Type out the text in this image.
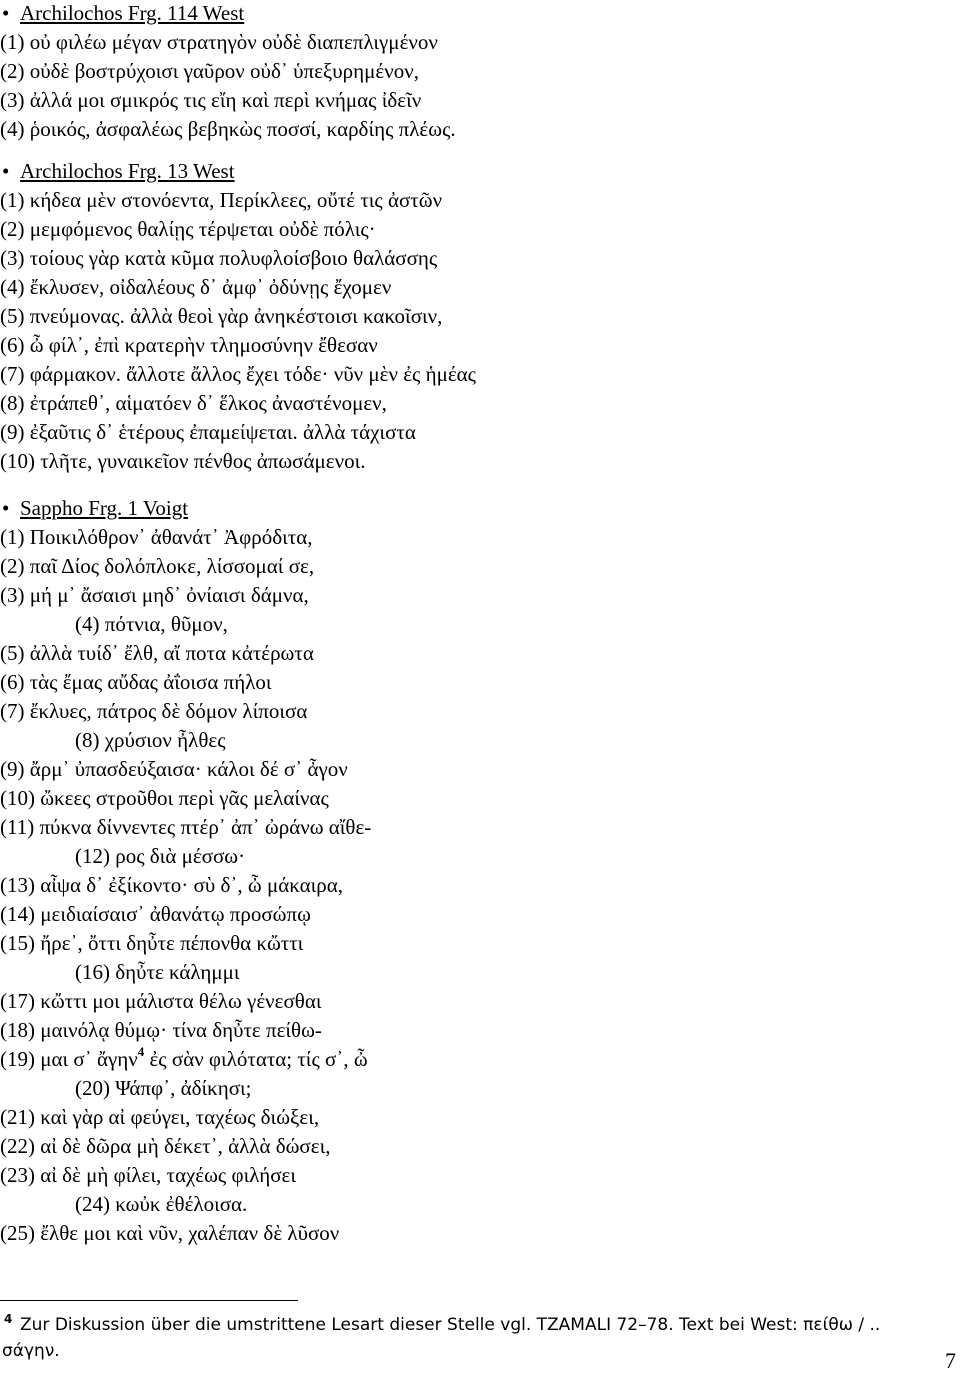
• Archilochos Frg. 114 West
(1) οὐ φιλέω μέγαν στρατηγὸν οὐδὲ διαπεπλιγμένον
(2) οὐδὲ βοστρύχοισι γαῦρον οὐδ᾽ ὑπεξυρημένον,
(3) ἀλλά μοι σμικρός τις εἴη καὶ περὶ κνήμας ἰδεῖν
(4) ῥοικός, ἀσφαλέως βεβηκὼς ποσσί, καρδίης πλέως.
• Archilochos Frg. 13 West
(1) κήδεα μὲν στονόεντα, Περίκλεες, οὔτέ τις ἀστῶν
(2) μεμφόμενος θαλίῃς τέρψεται οὐδὲ πόλις·
(3) τοίους γὰρ κατὰ κῦμα πολυφλοίσβοιο θαλάσσης
(4) ἔκλυσεν, οἰδαλέους δ᾽ ἀμφ᾽ ὀδύνῃς ἔχομεν
(5) πνεύμονας. ἀλλὰ θεοὶ γὰρ ἀνηκέστοισι κακοῖσιν,
(6) ὦ φίλ᾽, ἐπὶ κρατερὴν τλημοσύνην ἔθεσαν
(7) φάρμακον. ἄλλοτε ἄλλος ἔχει τόδε· νῦν μὲν ἐς ἡμέας
(8) ἐτράπεθ᾽, αἱματόεν δ᾽ ἕλκος ἀναστένομεν,
(9) ἐξαῦτις δ᾽ ἑτέρους ἐπαμείψεται. ἀλλὰ τάχιστα
(10) τλῆτε, γυναικεῖον πένθος ἀπωσάμενοι.
• Sappho Frg. 1 Voigt
(1) Ποικιλόθρον᾽ ἀθανάτ᾽ Ἀφρόδιτα,
(2) παῖ Δίος δολόπλοκε, λίσσομαί σε,
(3) μή μ᾽ ἄσαισι μηδ᾽ ὀνίαισι δάμνα,
(4) πότνια, θῦμον,
(5) ἀλλὰ τυίδ᾽ ἔλθ, αἴ ποτα κἀτέρωτα
(6) τὰς ἔμας αὔδας ἀΐοισα πήλοι
(7) ἔκλυες, πάτρος δὲ δόμον λίποισα
(8) χρύσιον ἦλθες
(9) ἄρμ᾽ ὐπασδεύξαισα· κάλοι δέ σ᾽ ἆγον
(10) ὤκεες στροῦθοι περὶ γᾶς μελαίνας
(11) πύκνα δίννεντες πτέρ᾽ ἀπ᾽ ὠράνω αἴθε-
(12) ρος διὰ μέσσω·
(13) αἶψα δ᾽ ἐξίκοντο· σὺ δ᾽, ὦ μάκαιρα,
(14) μειδιαίσαισ᾽ ἀθανάτῳ προσώπῳ
(15) ἤρε᾽, ὄττι δηὖτε πέπονθα κὤττι
(16) δηὖτε κάλημμι
(17) κὤττι μοι μάλιστα θέλω γένεσθαι
(18) μαινόλᾳ θύμῳ· τίνα δηὖτε πείθω-
(19) μαι σ᾽ ἄγην$^4$ ἐς σὰν φιλότατα; τίς σ᾽, ὦ
(20) Ψάπφ᾽, ἀδίκησι;
(21) καὶ γὰρ αἰ φεύγει, ταχέως διώξει,
(22) αἰ δὲ δῶρα μὴ δέκετ᾽, ἀλλὰ δώσει,
(23) αἰ δὲ μὴ φίλει, ταχέως φιλήσει
(24) κωὐκ ἐθέλοισα.
(25) ἔλθε μοι καὶ νῦν, χαλέπαν δὲ λῦσον
4 Zur Diskussion über die umstrittene Lesart dieser Stelle vgl. TZAMALI 72–78. Text bei West: πείθω / ..
σάγην.	7
